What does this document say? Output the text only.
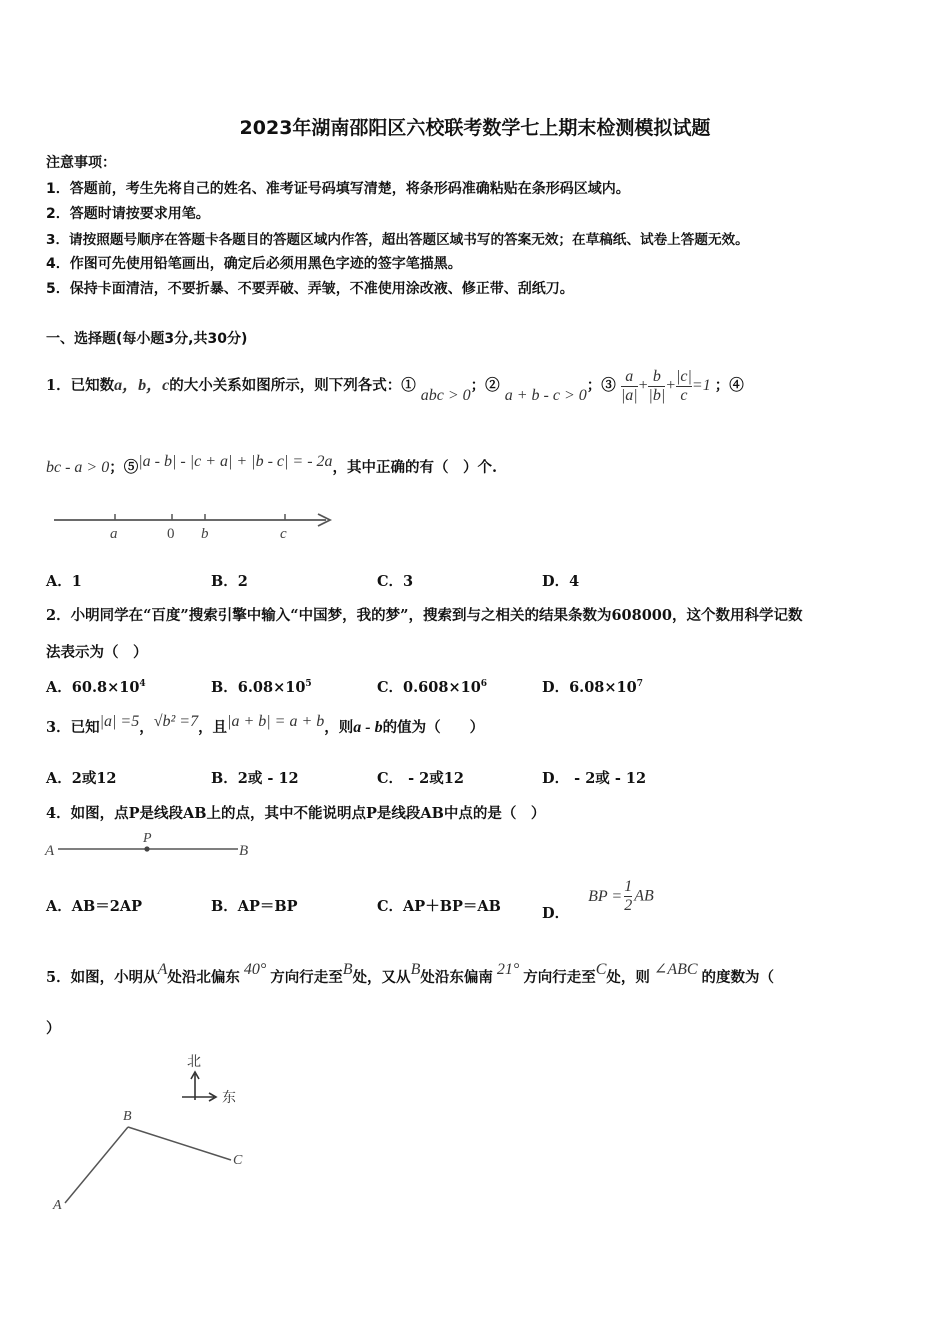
2023年湖南邵阳区六校联考数学七上期末检测模拟试题
注意事项：
1．答题前，考生先将自己的姓名、准考证号码填写清楚，将条形码准确粘贴在条形码区域内。
2．答题时请按要求用笔。
3．请按照题号顺序在答题卡各题目的答题区域内作答，超出答题区域书写的答案无效；在草稿纸、试卷上答题无效。
4．作图可先使用铅笔画出，确定后必须用黑色字迹的签字笔描黑。
5．保持卡面清洁，不要折暴、不要弄破、弄皱，不准使用涂改液、修正带、刮纸刀。
一、选择题(每小题3分,共30分)
1．已知数a，b，c的大小关系如图所示，则下列各式：① abc > 0；② a + b - c > 0；③ $\frac{a}{|a|} + \frac{b}{|b|} + \frac{|c|}{c} =1$ ；④
bc - a > 0；⑤|a - b| - |c + a| + |b - c| = - 2a，其中正确的有（　）个.
a	0 b	c
A．1	B．2	C．3	D．4
2．小明同学在“百度”搜索引擎中输入“中国梦，我的梦”，搜索到与之相关的结果条数为608000，这个数用科学记数
法表示为（　）
A．$60.8\times 10^4$	B．$6.08\times 10^5$	C．$0.608\times 10^6$	D．$6.08\times 10^7$
3．已知|a| =5，√b² =7，且|a + b| = a + b，则a - b的值为（　　）
A．2或12	B．2或 - 12	C． - 2或12	D． - 2或 - 12
4．如图，点P是线段AB上的点，其中不能说明点P是线段AB中点的是（　）
A
P
B
A．AB＝2AP	B．AP＝BP	C．AP＋BP＝AB	D． BP = $\frac{1}{2}$ AB
5．如图，小明从A处沿北偏东 40° 方向行走至B处，又从B处沿东偏南 21° 方向行走至C处，则 ∠ABC 的度数为（
）
北
东
A
B
C
